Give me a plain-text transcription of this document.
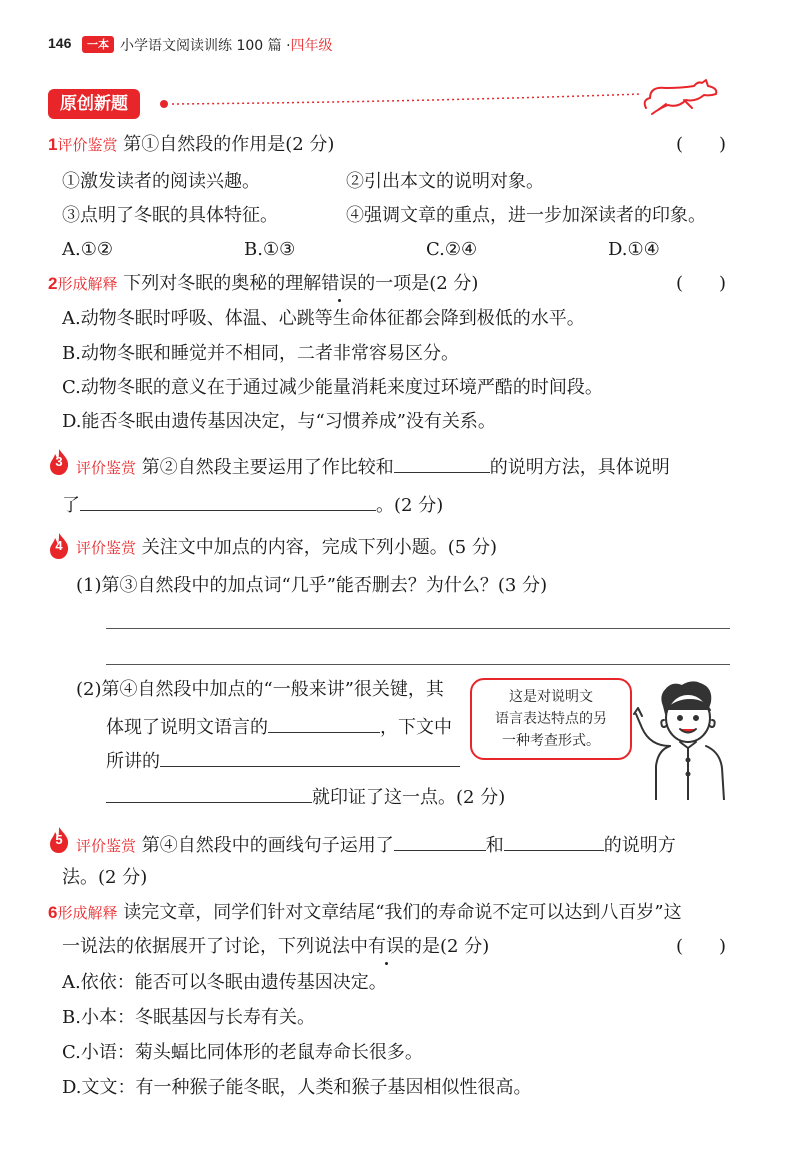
146	一本 小学语文阅读训练 100 篇 ·四年级
原创新题
1评价鉴赏 第①自然段的作用是(2 分)	(　　)
①激发读者的阅读兴趣。	②引出本文的说明对象。
③点明了冬眠的具体特征。	④强调文章的重点，进一步加深读者的印象。
A.①②	B.①③	C.②④	D.①④
2形成解释 下列对冬眠的奥秘的理解错误的一项是(2 分)	(　　)
A.动物冬眠时呼吸、体温、心跳等生命体征都会降到极低的水平。
B.动物冬眠和睡觉并不相同，二者非常容易区分。
C.动物冬眠的意义在于通过减少能量消耗来度过环境严酷的时间段。
D.能否冬眠由遗传基因决定，与“习惯养成”没有关系。
3 评价鉴赏 第②自然段主要运用了作比较和	的说明方法，具体说明
了	。(2 分)
4 评价鉴赏 关注文中加点的内容，完成下列小题。(5 分)
(1)第③自然段中的加点词“几乎”能否删去？为什么？(3 分)
(2)第④自然段中加点的“一般来讲”很关键，其
体现了说明文语言的	，下文中
所讲的
就印证了这一点。(2 分)
这是对说明文
语言表达特点的另
一种考查形式。
5 评价鉴赏 第④自然段中的画线句子运用了	和	的说明方
法。(2 分)
6形成解释 读完文章，同学们针对文章结尾“我们的寿命说不定可以达到八百岁”这
一说法的依据展开了讨论，下列说法中有误的是(2 分)	(　　)
A.依依：能否可以冬眠由遗传基因决定。
B.小本：冬眠基因与长寿有关。
C.小语：菊头蝠比同体形的老鼠寿命长很多。
D.文文：有一种猴子能冬眠，人类和猴子基因相似性很高。
